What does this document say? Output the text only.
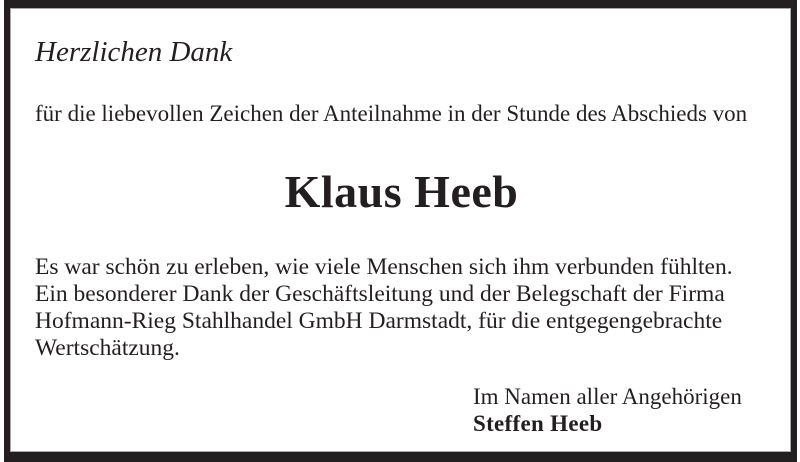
Herzlichen Dank
für die liebevollen Zeichen der Anteilnahme in der Stunde des Abschieds von
Klaus Heeb
Es war schön zu erleben, wie viele Menschen sich ihm verbunden fühlten.
Ein besonderer Dank der Geschäftsleitung und der Belegschaft der Firma
Hofmann-Rieg Stahlhandel GmbH Darmstadt, für die entgegengebrachte
Wertschätzung.
Im Namen aller Angehörigen
Steffen Heeb
